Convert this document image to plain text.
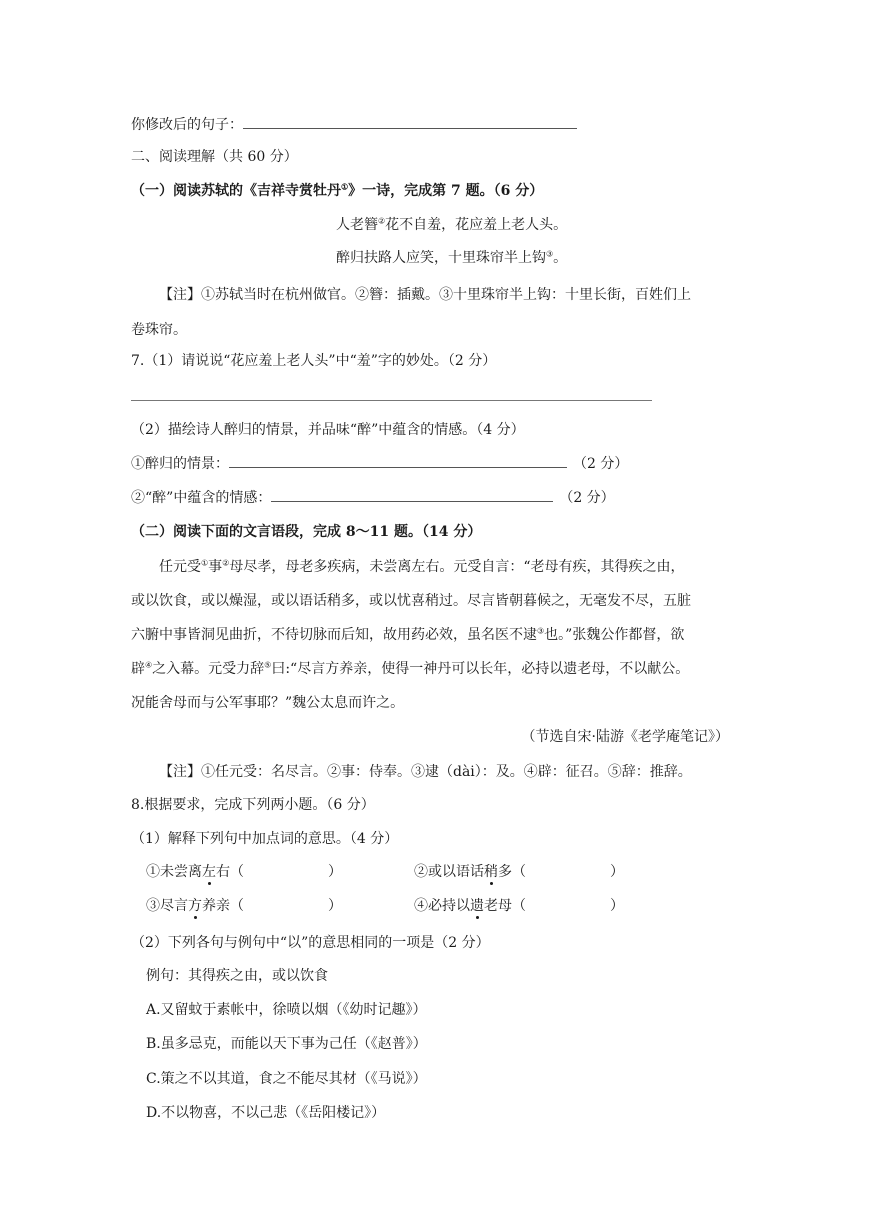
你修改后的句子：
二、阅读理解（共 60 分）
（一）阅读苏轼的《吉祥寺赏牡丹①》一诗，完成第 7 题。（6 分）
人老簪②花不自羞，花应羞上老人头。
醉归扶路人应笑，十里珠帘半上钩③。
【注】①苏轼当时在杭州做官。②簪：插戴。③十里珠帘半上钩：十里长街，百姓们上
卷珠帘。
7.（1）请说说“花应羞上老人头”中“羞”字的妙处。（2 分）
（2）描绘诗人醉归的情景，并品味“醉”中蕴含的情感。（4 分）
①醉归的情景：	（2 分）
②“醉”中蕴含的情感：	（2 分）
（二）阅读下面的文言语段，完成 8～11 题。（14 分）
任元受①事②母尽孝，母老多疾病，未尝离左右。元受自言：“老母有疾，其得疾之由，
或以饮食，或以燥湿，或以语话稍多，或以忧喜稍过。尽言皆朝暮候之，无毫发不尽，五脏
六腑中事皆洞见曲折，不待切脉而后知，故用药必效，虽名医不逮③也。”张魏公作都督，欲
辟④之入幕。元受力辞⑤曰:“尽言方养亲，使得一神丹可以长年，必持以遗老母，不以献公。
况能舍母而与公军事耶？”魏公太息而许之。
（节选自宋·陆游《老学庵笔记》）
【注】①任元受：名尽言。②事：侍奉。③逮（dài）：及。④辟：征召。⑤辞：推辞。
8.根据要求，完成下列两小题。（6 分）
（1）解释下列句中加点词的意思。（4 分）
①未尝离左右（	）	②或以语话稍多（	）
③尽言方养亲（	）	④必持以遗老母（	）
（2）下列各句与例句中“以”的意思相同的一项是（2 分）
例句：其得疾之由，或以饮食
A.又留蚊于素帐中，徐喷以烟（《幼时记趣》）
B.虽多忌克，而能以天下事为己任（《赵普》）
C.策之不以其道，食之不能尽其材（《马说》）
D.不以物喜，不以己悲（《岳阳楼记》）
